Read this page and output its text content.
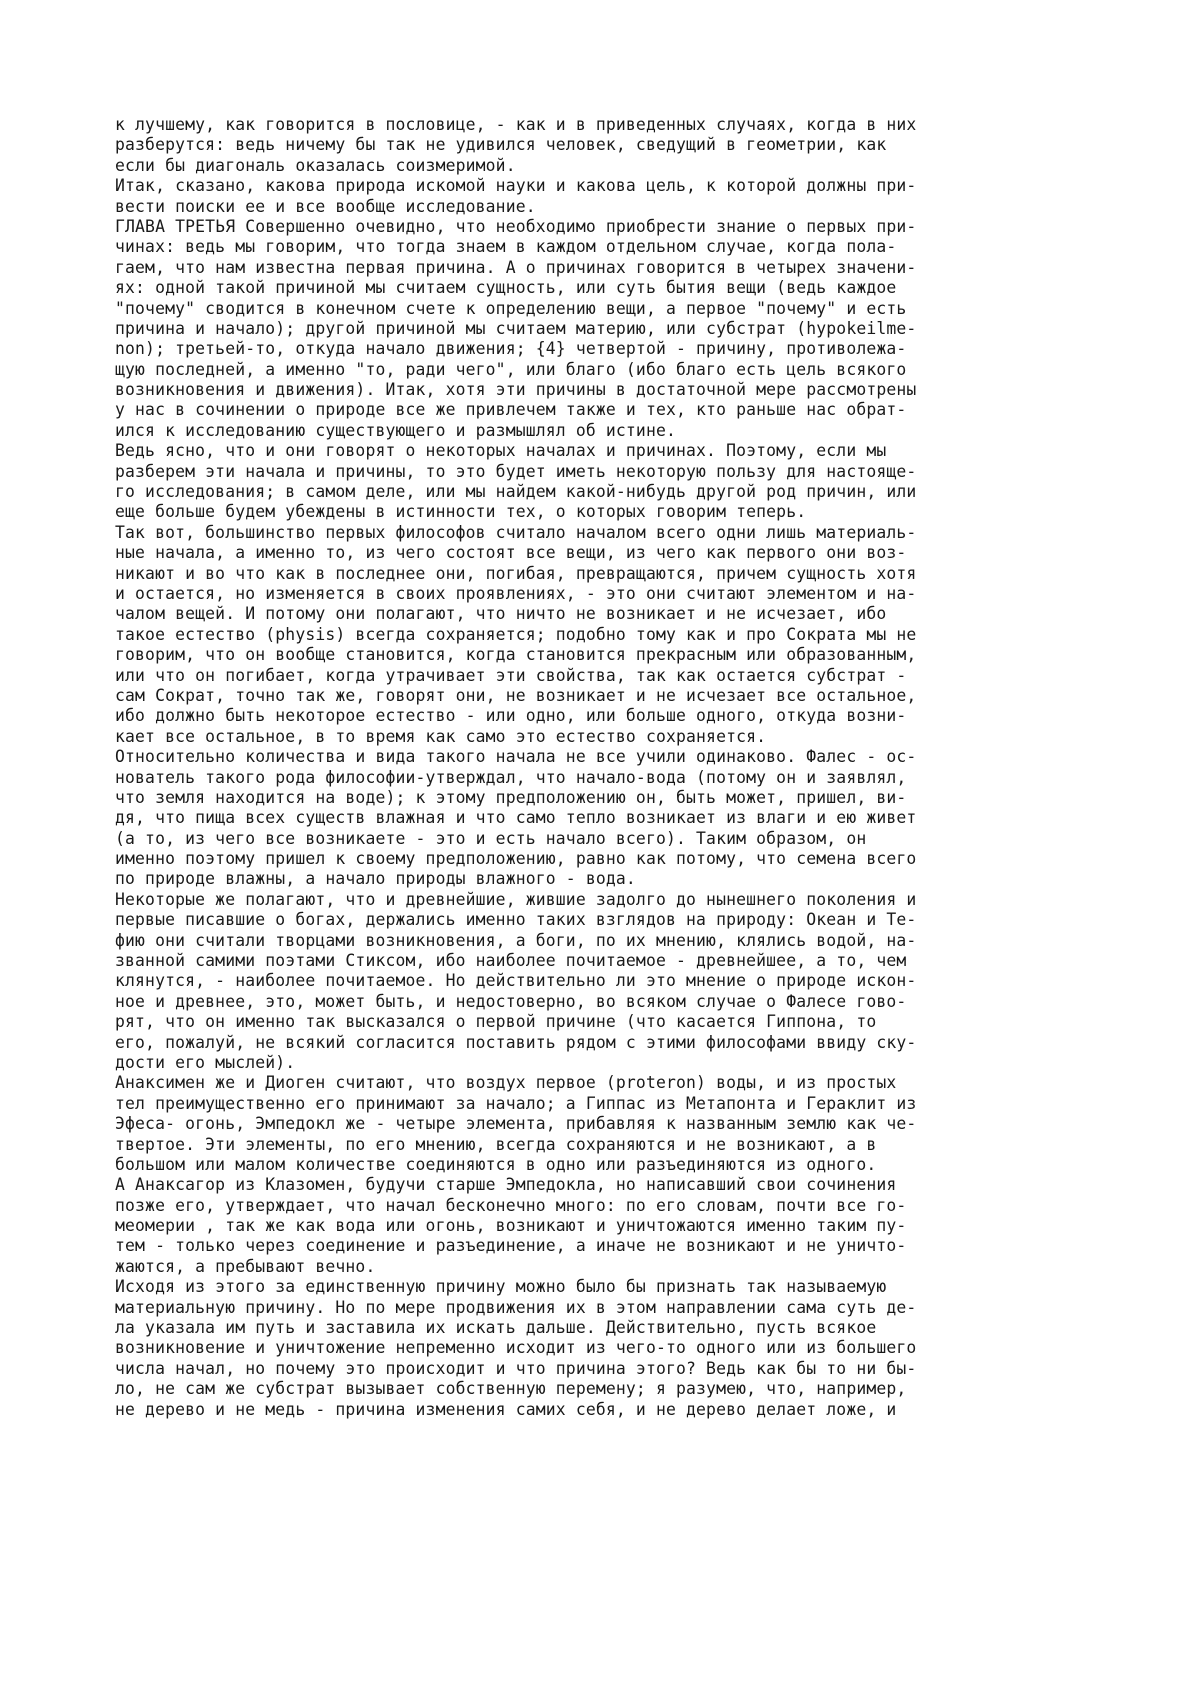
к лучшему, как говорится в пословице, - как и в приведенных случаях, когда в них
разберутся: ведь ничему бы так не удивился человек, сведущий в геометрии, как
если бы диагональ оказалась соизмеримой.
Итак, сказано, какова природа искомой науки и какова цель, к которой должны при-
вести поиски ее и все вообще исследование.
ГЛАВА ТРЕТЬЯ Совершенно очевидно, что необходимо приобрести знание о первых при-
чинах: ведь мы говорим, что тогда знаем в каждом отдельном случае, когда пола-
гаем, что нам известна первая причина. А о причинах говорится в четырех значени-
ях: одной такой причиной мы считаем сущность, или суть бытия вещи (ведь каждое
"почему" сводится в конечном счете к определению вещи, а первое "почему" и есть
причина и начало); другой причиной мы считаем материю, или субстрат (hypokeilme-
non); третьей-то, откуда начало движения; {4} четвертой - причину, противолежа-
щую последней, а именно "то, ради чего", или благо (ибо благо есть цель всякого
возникновения и движения). Итак, хотя эти причины в достаточной мере рассмотрены
у нас в сочинении о природе все же привлечем также и тех, кто раньше нас обрат-
ился к исследованию существующего и размышлял об истине.
Ведь ясно, что и они говорят о некоторых началах и причинах. Поэтому, если мы
разберем эти начала и причины, то это будет иметь некоторую пользу для настояще-
го исследования; в самом деле, или мы найдем какой-нибудь другой род причин, или
еще больше будем убеждены в истинности тех, о которых говорим теперь.
Так вот, большинство первых философов считало началом всего одни лишь материаль-
ные начала, а именно то, из чего состоят все вещи, из чего как первого они воз-
никают и во что как в последнее они, погибая, превращаются, причем сущность хотя
и остается, но изменяется в своих проявлениях, - это они считают элементом и на-
чалом вещей. И потому они полагают, что ничто не возникает и не исчезает, ибо
такое естество (physis) всегда сохраняется; подобно тому как и про Сократа мы не
говорим, что он вообще становится, когда становится прекрасным или образованным,
или что он погибает, когда утрачивает эти свойства, так как остается субстрат -
сам Сократ, точно так же, говорят они, не возникает и не исчезает все остальное,
ибо должно быть некоторое естество - или одно, или больше одного, откуда возни-
кает все остальное, в то время как само это естество сохраняется.
Относительно количества и вида такого начала не все учили одинаково. Фалес - ос-
нователь такого рода философии-утверждал, что начало-вода (потому он и заявлял,
что земля находится на воде); к этому предположению он, быть может, пришел, ви-
дя, что пища всех существ влажная и что само тепло возникает из влаги и ею живет
(а то, из чего все возникаете - это и есть начало всего). Таким образом, он
именно поэтому пришел к своему предположению, равно как потому, что семена всего
по природе влажны, а начало природы влажного - вода.
Некоторые же полагают, что и древнейшие, жившие задолго до нынешнего поколения и
первые писавшие о богах, держались именно таких взглядов на природу: Океан и Те-
фию они считали творцами возникновения, а боги, по их мнению, клялись водой, на-
званной самими поэтами Стиксом, ибо наиболее почитаемое - древнейшее, а то, чем
клянутся, - наиболее почитаемое. Но действительно ли это мнение о природе искон-
ное и древнее, это, может быть, и недостоверно, во всяком случае о Фалесе гово-
рят, что он именно так высказался о первой причине (что касается Гиппона, то
его, пожалуй, не всякий согласится поставить рядом с этими философами ввиду ску-
дости его мыслей).
Анаксимен же и Диоген считают, что воздух первое (proteron) воды, и из простых
тел преимущественно его принимают за начало; а Гиппас из Метапонта и Гераклит из
Эфеса- огонь, Эмпедокл же - четыре элемента, прибавляя к названным землю как че-
твертое. Эти элементы, по его мнению, всегда сохраняются и не возникают, а в
большом или малом количестве соединяются в одно или разъединяются из одного.
А Анаксагор из Клазомен, будучи старше Эмпедокла, но написавший свои сочинения
позже его, утверждает, что начал бесконечно много: по его словам, почти все го-
меомерии , так же как вода или огонь, возникают и уничтожаются именно таким пу-
тем - только через соединение и разъединение, а иначе не возникают и не уничто-
жаются, а пребывают вечно.
Исходя из этого за единственную причину можно было бы признать так называемую
материальную причину. Но по мере продвижения их в этом направлении сама суть де-
ла указала им путь и заставила их искать дальше. Действительно, пусть всякое
возникновение и уничтожение непременно исходит из чего-то одного или из большего
числа начал, но почему это происходит и что причина этого? Ведь как бы то ни бы-
ло, не сам же субстрат вызывает собственную перемену; я разумею, что, например,
не дерево и не медь - причина изменения самих себя, и не дерево делает ложе, и
